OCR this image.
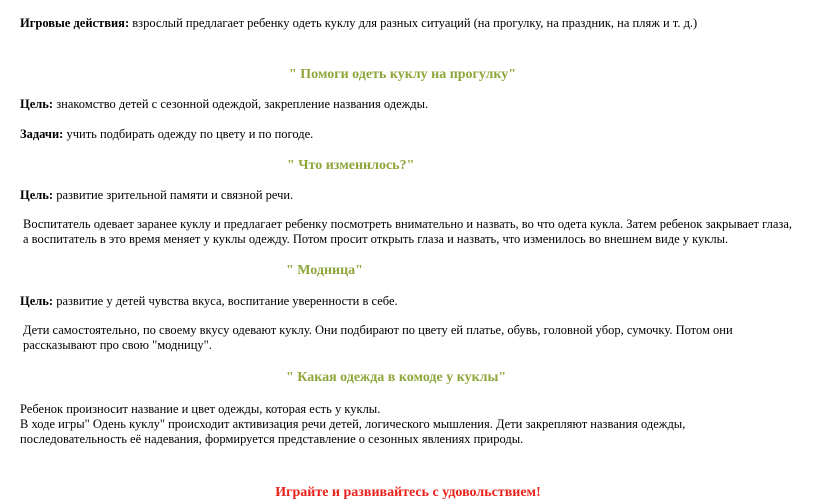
Игровые действия: взрослый предлагает ребенку одеть куклу для разных ситуаций (на прогулку, на праздник, на пляж и т. д.)
" Помоги одеть куклу на прогулку"
Цель: знакомство детей с сезонной одеждой, закрепление названия одежды.
Задачи: учить подбирать одежду по цвету и по погоде.
" Что изменилось?"
Цель: развитие зрительной памяти и связной речи.
Воспитатель одевает заранее куклу и предлагает ребенку посмотреть внимательно и назвать, во что одета кукла. Затем ребенок закрывает глаза,
а воспитатель в это время меняет у куклы одежду. Потом просит открыть глаза и назвать, что изменилось во внешнем виде у куклы.
" Модница"
Цель: развитие у детей чувства вкуса, воспитание уверенности в себе.
Дети самостоятельно, по своему вкусу одевают куклу. Они подбирают по цвету ей платье, обувь, головной убор, сумочку. Потом они
рассказывают про свою "модницу".
" Какая одежда в комоде у куклы"
Ребенок произносит название и цвет одежды, которая есть у куклы.
В ходе игры" Одень куклу" происходит активизация речи детей, логического мышления. Дети закрепляют названия одежды,
последовательность её надевания, формируется представление о сезонных явлениях природы.
Играйте и развивайтесь с удовольствием!
